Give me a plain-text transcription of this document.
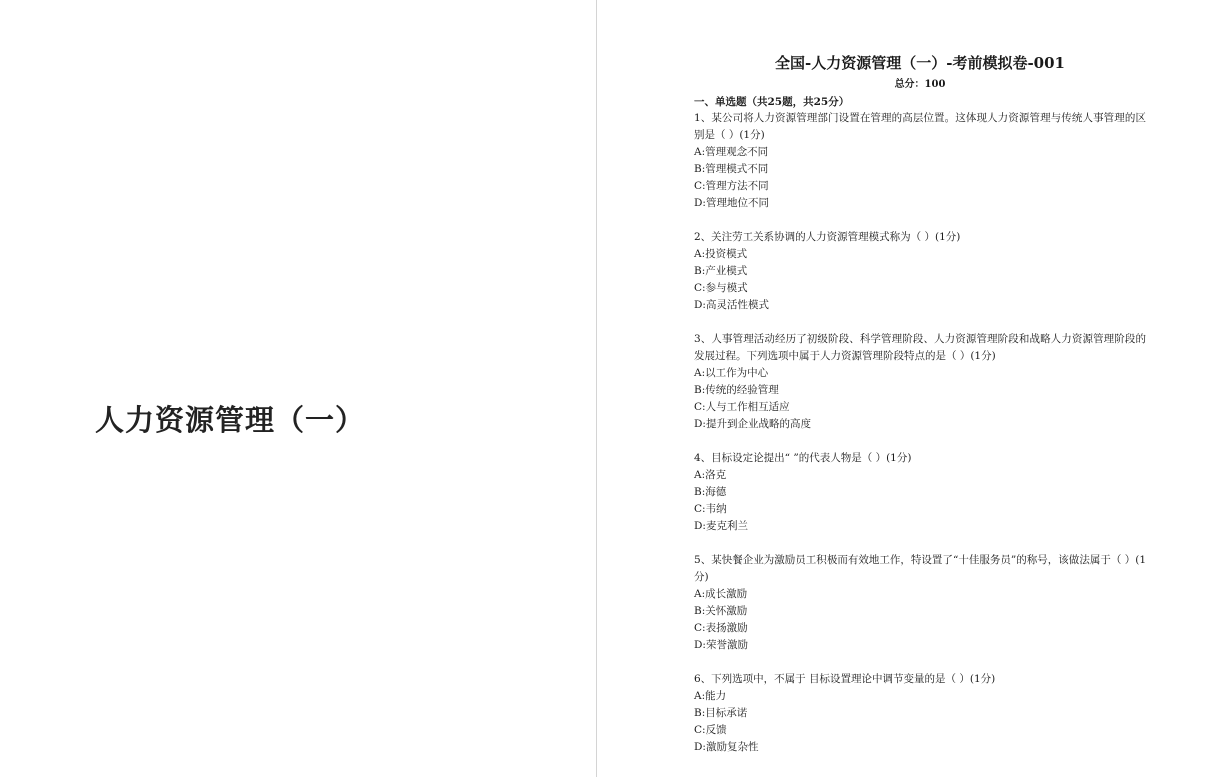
人力资源管理（一）
全国-人力资源管理（一）-考前模拟卷-001
总分：100
一、单选题（共25题，共25分）
1、某公司将人力资源管理部门设置在管理的高层位置。这体现人力资源管理与传统人事管理的区别是（ ）(1分)
A:管理观念不同
B:管理模式不同
C:管理方法不同
D:管理地位不同
2、关注劳工关系协调的人力资源管理模式称为（ ）(1分)
A:投资模式
B:产业模式
C:参与模式
D:高灵活性模式
3、人事管理活动经历了初级阶段、科学管理阶段、人力资源管理阶段和战略人力资源管理阶段的发展过程。下列选项中属于人力资源管理阶段特点的是（ ）(1分)
A:以工作为中心
B:传统的经验管理
C:人与工作相互适应
D:提升到企业战略的高度
4、目标设定论提出“ ”的代表人物是（ ）(1分)
A:洛克
B:海德
C:韦纳
D:麦克利兰
5、某快餐企业为激励员工积极而有效地工作，特设置了“十佳服务员”的称号，该做法属于（ ）(1分)
A:成长激励
B:关怀激励
C:表扬激励
D:荣誉激励
6、下列选项中，不属于 目标设置理论中调节变量的是（ ）(1分)
A:能力
B:目标承诺
C:反馈
D:激励复杂性
